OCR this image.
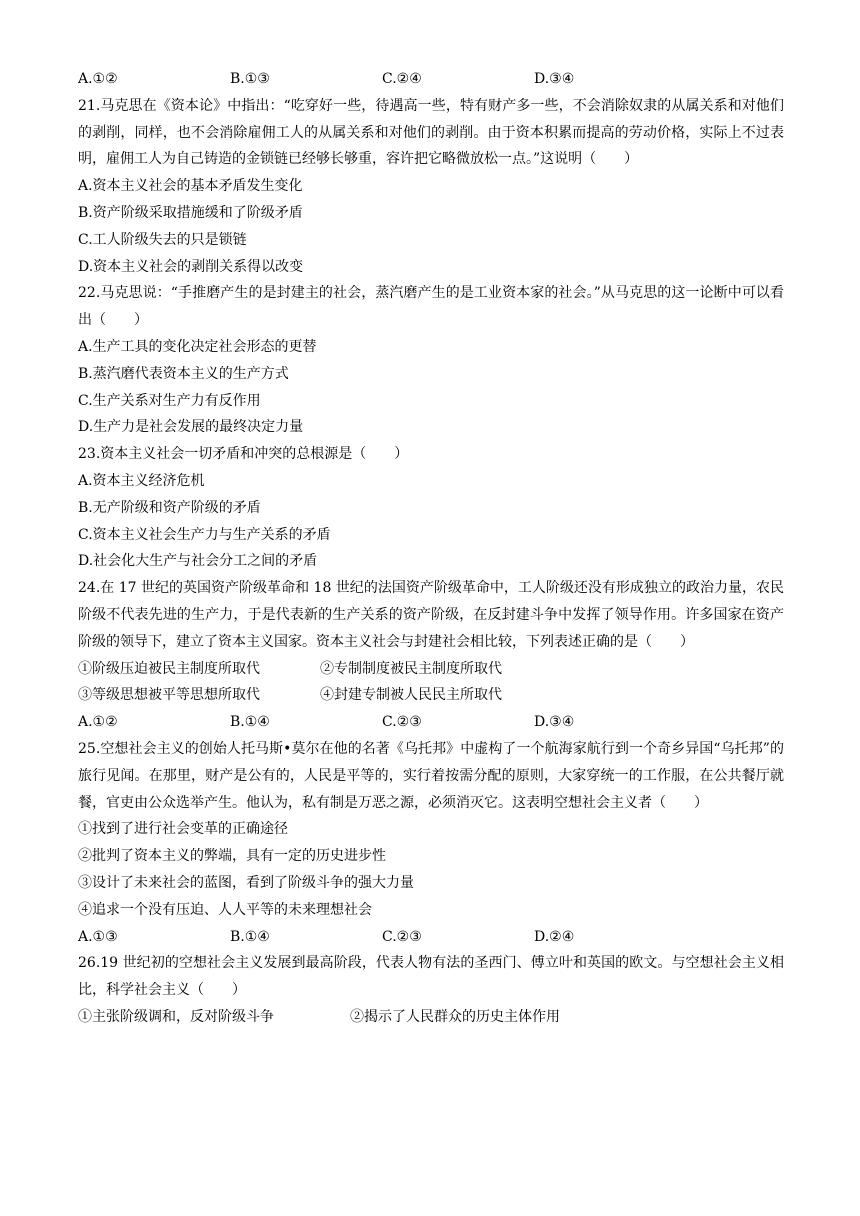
A.①②	B.①③	C.②④	D.③④
21.马克思在《资本论》中指出：“吃穿好一些，待遇高一些，特有财产多一些，不会消除奴隶的从属关系和对他们的剥削，同样，也不会消除雇佣工人的从属关系和对他们的剥削。由于资本积累而提高的劳动价格，实际上不过表明，雇佣工人为自己铸造的金锁链已经够长够重，容许把它略微放松一点。”这说明（　　）
A.资本主义社会的基本矛盾发生变化
B.资产阶级采取措施缓和了阶级矛盾
C.工人阶级失去的只是锁链
D.资本主义社会的剥削关系得以改变
22.马克思说：“手推磨产生的是封建主的社会，蒸汽磨产生的是工业资本家的社会。”从马克思的这一论断中可以看出（　　）
A.生产工具的变化决定社会形态的更替
B.蒸汽磨代表资本主义的生产方式
C.生产关系对生产力有反作用
D.生产力是社会发展的最终决定力量
23.资本主义社会一切矛盾和冲突的总根源是（　　）
A.资本主义经济危机
B.无产阶级和资产阶级的矛盾
C.资本主义社会生产力与生产关系的矛盾
D.社会化大生产与社会分工之间的矛盾
24.在 17 世纪的英国资产阶级革命和 18 世纪的法国资产阶级革命中，工人阶级还没有形成独立的政治力量，农民阶级不代表先进的生产力，于是代表新的生产关系的资产阶级，在反封建斗争中发挥了领导作用。许多国家在资产阶级的领导下，建立了资本主义国家。资本主义社会与封建社会相比较，下列表述正确的是（　　）
①阶级压迫被民主制度所取代	②专制制度被民主制度所取代
③等级思想被平等思想所取代	④封建专制被人民民主所取代
A.①②	B.①④	C.②③	D.③④
25.空想社会主义的创始人托马斯•莫尔在他的名著《乌托邦》中虚构了一个航海家航行到一个奇乡异国“乌托邦”的旅行见闻。在那里，财产是公有的，人民是平等的，实行着按需分配的原则，大家穿统一的工作服，在公共餐厅就餐，官吏由公众选举产生。他认为，私有制是万恶之源，必须消灭它。这表明空想社会主义者（　　）
①找到了进行社会变革的正确途径
②批判了资本主义的弊端，具有一定的历史进步性
③设计了未来社会的蓝图，看到了阶级斗争的强大力量
④追求一个没有压迫、人人平等的未来理想社会
A.①③	B.①④	C.②③	D.②④
26.19 世纪初的空想社会主义发展到最高阶段，代表人物有法的圣西门、傅立叶和英国的欧文。与空想社会主义相比，科学社会主义（　　）
①主张阶级调和，反对阶级斗争	②揭示了人民群众的历史主体作用
